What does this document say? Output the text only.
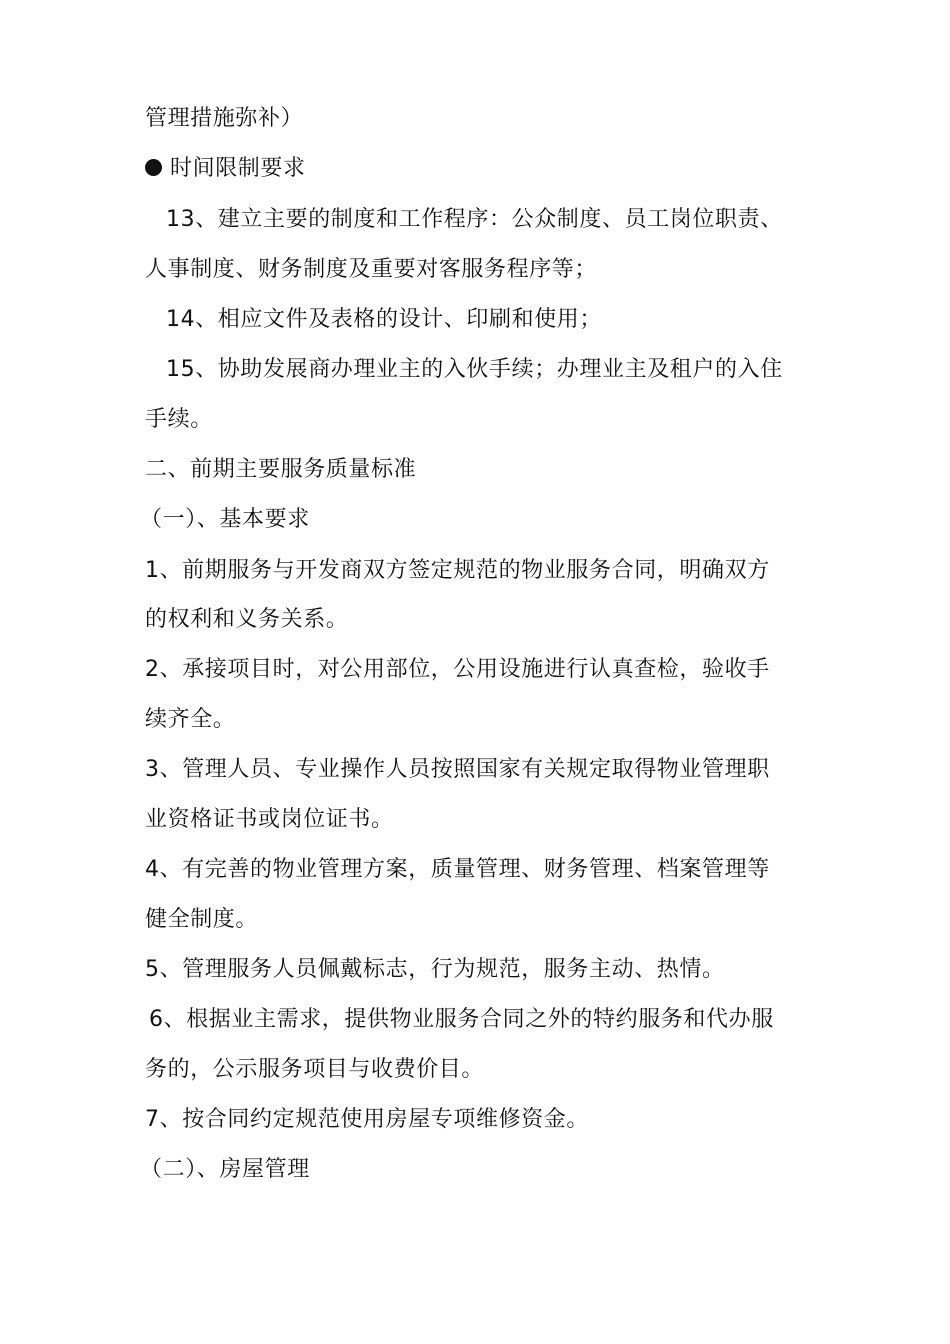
管理措施弥补）
时间限制要求
13、建立主要的制度和工作程序：公众制度、员工岗位职责、
人事制度、财务制度及重要对客服务程序等；
14、相应文件及表格的设计、印刷和使用；
15、协助发展商办理业主的入伙手续；办理业主及租户的入住
手续。
二、前期主要服务质量标准
（一）、基本要求
1、前期服务与开发商双方签定规范的物业服务合同，明确双方
的权利和义务关系。
2、承接项目时，对公用部位，公用设施进行认真查检，验收手
续齐全。
3、管理人员、专业操作人员按照国家有关规定取得物业管理职
业资格证书或岗位证书。
4、有完善的物业管理方案，质量管理、财务管理、档案管理等
健全制度。
5、管理服务人员佩戴标志，行为规范，服务主动、热情。
6、根据业主需求，提供物业服务合同之外的特约服务和代办服
务的，公示服务项目与收费价目。
7、按合同约定规范使用房屋专项维修资金。
（二）、房屋管理
